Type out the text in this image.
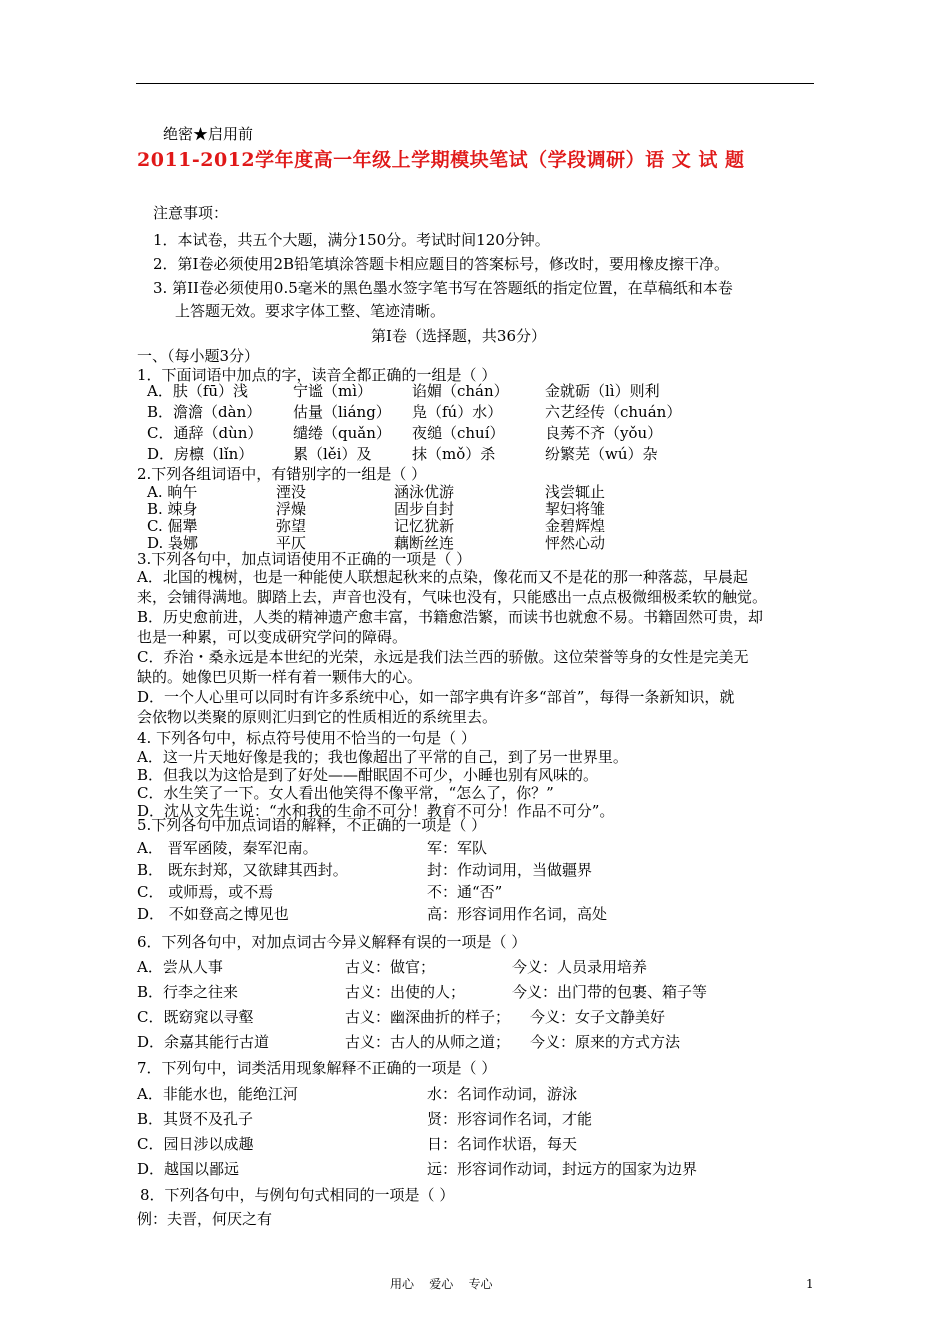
绝密★启用前
2011-2012学年度高一年级上学期模块笔试（学段调研）语 文 试 题
注意事项：
1．本试卷，共五个大题，满分150分。考试时间120分钟。
2．第Ⅰ卷必须使用2B铅笔填涂答题卡相应题目的答案标号，修改时，要用橡皮擦干净。
3. 第II卷必须使用0.5毫米的黑色墨水签字笔书写在答题纸的指定位置，在草稿纸和本卷
上答题无效。要求字体工整、笔迹清晰。
第Ⅰ卷（选择题，共36分）
一、（每小题3分）
1．下面词语中加点的字，读音全都正确的一组是（ ）
A．肤（fū）浅	宁谧（mì）	谄媚（chán） 金就砺（lì）则利
B．澹澹（dàn） 估量（liáng） 凫（fú）水）	六艺经传（chuán）
C．通辞（dùn） 缱绻（quǎn） 夜缒（chuí）	良莠不齐（yǒu）
D．房檩（lǐn）	累（lěi）及	抹（mǒ）杀	纷繁芜（wú）杂
2.下列各组词语中，有错别字的一组是（ ）
A. 晌午	湮没	涵泳优游	浅尝辄止
B. 竦身	浮燥	固步自封	挈妇将雏
C. 倔犟	弥望	记忆犹新	金碧辉煌
D. 袅娜	平仄	藕断丝连	怦然心动
3.下列各句中，加点词语使用不正确的一项是（ ）
A．北国的槐树，也是一种能使人联想起秋来的点染，像花而又不是花的那一种落蕊，早晨起
来，会铺得满地。脚踏上去，声音也没有，气味也没有，只能感出一点点极微细极柔软的触觉。
B．历史愈前进，人类的精神遗产愈丰富，书籍愈浩繁，而读书也就愈不易。书籍固然可贵，却
也是一种累，可以变成研究学问的障碍。
C．乔治・桑永远是本世纪的光荣，永远是我们法兰西的骄傲。这位荣誉等身的女性是完美无
缺的。她像巴贝斯一样有着一颗伟大的心。
D．一个人心里可以同时有许多系统中心，如一部字典有许多“部首”，每得一条新知识，就
会依物以类聚的原则汇归到它的性质相近的系统里去。
4. 下列各句中，标点符号使用不恰当的一句是（ ）
A．这一片天地好像是我的；我也像超出了平常的自己，到了另一世界里。
B．但我以为这恰是到了好处——酣眠固不可少，小睡也别有风味的。
C．水生笑了一下。女人看出他笑得不像平常，“怎么了，你？”
D．沈从文先生说：“水和我的生命不可分！教育不可分！作品不可分”。
5.下列各句中加点词语的解释，不正确的一项是（ ）
A． 晋军函陵，秦军氾南。	军：军队
B． 既东封郑，又欲肆其西封。	封：作动词用，当做疆界
C． 或师焉，或不焉	不：通“否”
D． 不如登高之博见也	高：形容词用作名词，高处
6．下列各句中，对加点词古今异义解释有误的一项是（ ）
A．尝从人事	古义：做官；	今义：人员录用培养
B．行李之往来	古义：出使的人；	今义：出门带的包裹、箱子等
C．既窈窕以寻壑	古义：幽深曲折的样子； 今义：女子文静美好
D．余嘉其能行古道	古义：古人的从师之道； 今义：原来的方式方法
7．下列句中，词类活用现象解释不正确的一项是（ ）
A．非能水也，能绝江河	水：名词作动词，游泳
B．其贤不及孔子	贤：形容词作名词，才能
C．园日涉以成趣	日：名词作状语，每天
D．越国以鄙远	远：形容词作动词，封远方的国家为边界
8．下列各句中，与例句句式相同的一项是（ ）
例：夫晋，何厌之有
用心    爱心    专心	1
